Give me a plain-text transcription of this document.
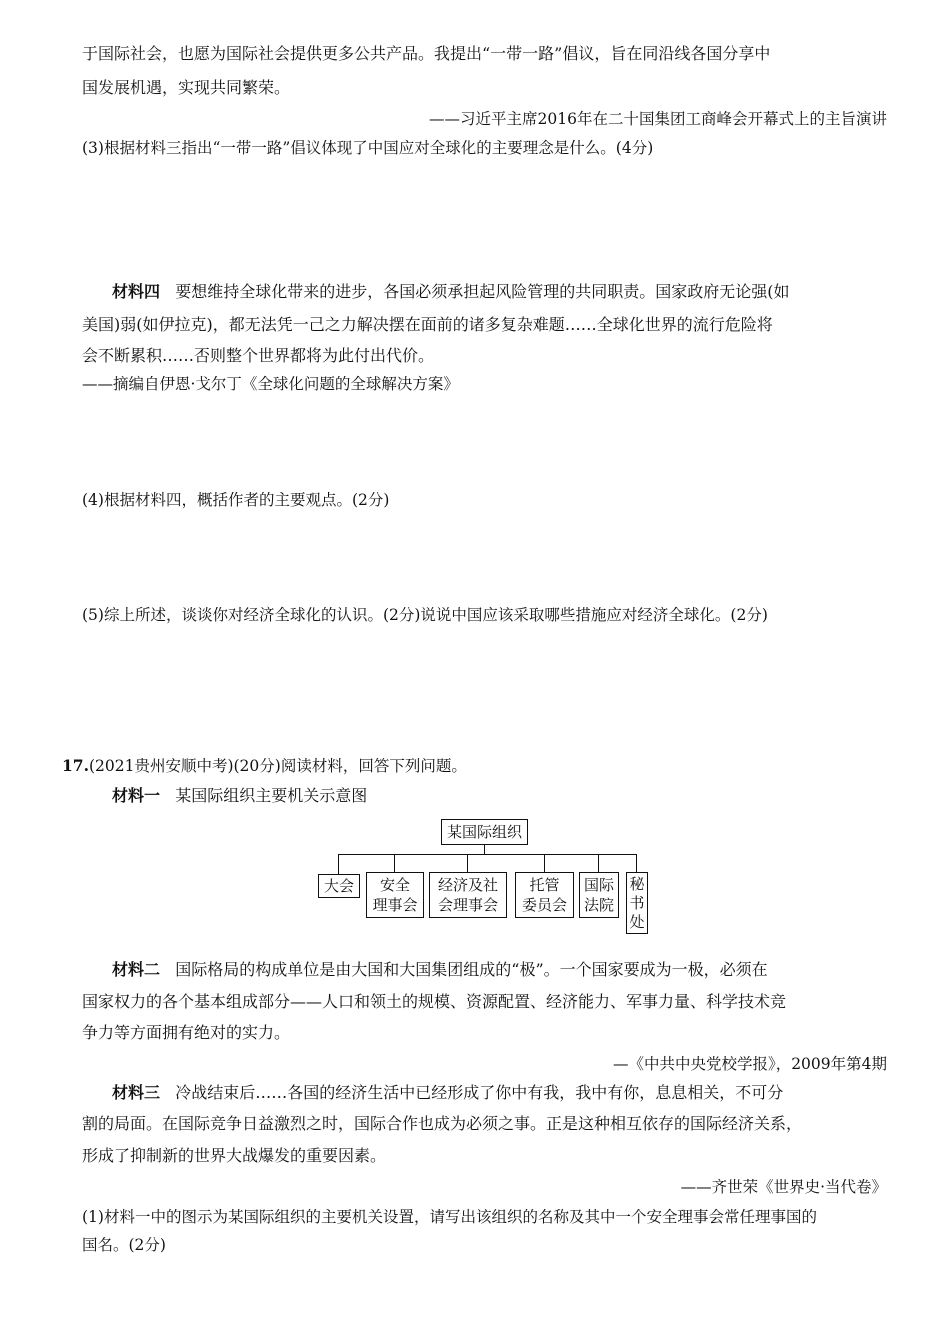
于国际社会，也愿为国际社会提供更多公共产品。我提出“一带一路”倡议，旨在同沿线各国分享中
国发展机遇，实现共同繁荣。
——习近平主席2016年在二十国集团工商峰会开幕式上的主旨演讲
(3)根据材料三指出“一带一路”倡议体现了中国应对全球化的主要理念是什么。(4分)
材料四 要想维持全球化带来的进步，各国必须承担起风险管理的共同职责。国家政府无论强(如
美国)弱(如伊拉克)，都无法凭一己之力解决摆在面前的诸多复杂难题……全球化世界的流行危险将
会不断累积……否则整个世界都将为此付出代价。
——摘编自伊恩·戈尔丁《全球化问题的全球解决方案》
(4)根据材料四，概括作者的主要观点。(2分)
(5)综上所述，谈谈你对经济全球化的认识。(2分)说说中国应该采取哪些措施应对经济全球化。(2分)
17.(2021贵州安顺中考)(20分)阅读材料，回答下列问题。
材料一 某国际组织主要机关示意图
某国际组织
大会 安全
理事会
经济及社
会理事会
托管
委员会
国际
法院
秘
书
处
材料二 国际格局的构成单位是由大国和大国集团组成的“极”。一个国家要成为一极，必须在
国家权力的各个基本组成部分——人口和领土的规模、资源配置、经济能力、军事力量、科学技术竞
争力等方面拥有绝对的实力。
—《中共中央党校学报》，2009年第4期
材料三 冷战结束后……各国的经济生活中已经形成了你中有我，我中有你，息息相关，不可分
割的局面。在国际竞争日益激烈之时，国际合作也成为必须之事。正是这种相互依存的国际经济关系，
形成了抑制新的世界大战爆发的重要因素。
——齐世荣《世界史·当代卷》
(1)材料一中的图示为某国际组织的主要机关设置，请写出该组织的名称及其中一个安全理事会常任理事国的
国名。(2分)
